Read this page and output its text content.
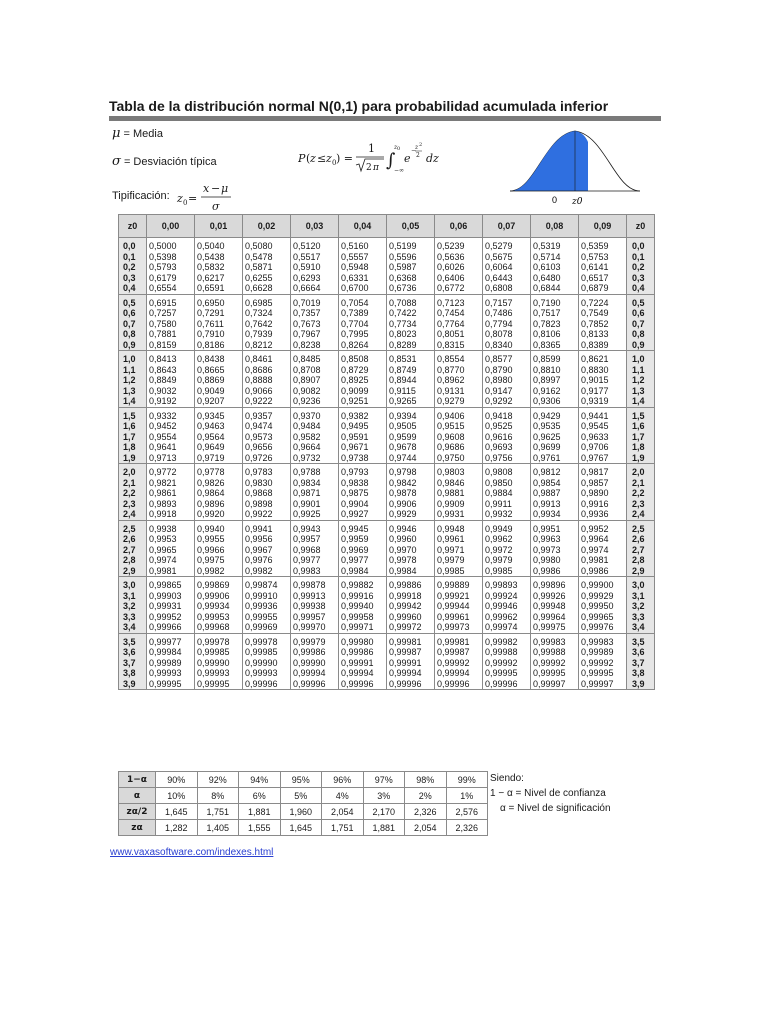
Tabla de la distribución normal N(0,1) para probabilidad acumulada inferior
μ = Media
σ = Desviación típica	P ( z ≤ z 0 ) =
1
2 π ∫
z 0
−∞
e
−
z 2
2 dz
0 z0
Tipificación: z 0 =
x − μ
σ
z0	0,00	0,01	0,02	0,03	0,04	0,05	0,06	0,07	0,08	0,09	z0
0,0	0,5000	0,5040	0,5080	0,5120	0,5160	0,5199	0,5239	0,5279	0,5319	0,5359	0,0
0,1	0,5398	0,5438	0,5478	0,5517	0,5557	0,5596	0,5636	0,5675	0,5714	0,5753	0,1
0,2	0,5793	0,5832	0,5871	0,5910	0,5948	0,5987	0,6026	0,6064	0,6103	0,6141	0,2
0,3	0,6179	0,6217	0,6255	0,6293	0,6331	0,6368	0,6406	0,6443	0,6480	0,6517	0,3
0,4	0,6554	0,6591	0,6628	0,6664	0,6700	0,6736	0,6772	0,6808	0,6844	0,6879	0,4
0,5	0,6915	0,6950	0,6985	0,7019	0,7054	0,7088	0,7123	0,7157	0,7190	0,7224	0,5
0,6	0,7257	0,7291	0,7324	0,7357	0,7389	0,7422	0,7454	0,7486	0,7517	0,7549	0,6
0,7	0,7580	0,7611	0,7642	0,7673	0,7704	0,7734	0,7764	0,7794	0,7823	0,7852	0,7
0,8	0,7881	0,7910	0,7939	0,7967	0,7995	0,8023	0,8051	0,8078	0,8106	0,8133	0,8
0,9	0,8159	0,8186	0,8212	0,8238	0,8264	0,8289	0,8315	0,8340	0,8365	0,8389	0,9
1,0	0,8413	0,8438	0,8461	0,8485	0,8508	0,8531	0,8554	0,8577	0,8599	0,8621	1,0
1,1	0,8643	0,8665	0,8686	0,8708	0,8729	0,8749	0,8770	0,8790	0,8810	0,8830	1,1
1,2	0,8849	0,8869	0,8888	0,8907	0,8925	0,8944	0,8962	0,8980	0,8997	0,9015	1,2
1,3	0,9032	0,9049	0,9066	0,9082	0,9099	0,9115	0,9131	0,9147	0,9162	0,9177	1,3
1,4	0,9192	0,9207	0,9222	0,9236	0,9251	0,9265	0,9279	0,9292	0,9306	0,9319	1,4
1,5	0,9332	0,9345	0,9357	0,9370	0,9382	0,9394	0,9406	0,9418	0,9429	0,9441	1,5
1,6	0,9452	0,9463	0,9474	0,9484	0,9495	0,9505	0,9515	0,9525	0,9535	0,9545	1,6
1,7	0,9554	0,9564	0,9573	0,9582	0,9591	0,9599	0,9608	0,9616	0,9625	0,9633	1,7
1,8	0,9641	0,9649	0,9656	0,9664	0,9671	0,9678	0,9686	0,9693	0,9699	0,9706	1,8
1,9	0,9713	0,9719	0,9726	0,9732	0,9738	0,9744	0,9750	0,9756	0,9761	0,9767	1,9
2,0	0,9772	0,9778	0,9783	0,9788	0,9793	0,9798	0,9803	0,9808	0,9812	0,9817	2,0
2,1	0,9821	0,9826	0,9830	0,9834	0,9838	0,9842	0,9846	0,9850	0,9854	0,9857	2,1
2,2	0,9861	0,9864	0,9868	0,9871	0,9875	0,9878	0,9881	0,9884	0,9887	0,9890	2,2
2,3	0,9893	0,9896	0,9898	0,9901	0,9904	0,9906	0,9909	0,9911	0,9913	0,9916	2,3
2,4	0,9918	0,9920	0,9922	0,9925	0,9927	0,9929	0,9931	0,9932	0,9934	0,9936	2,4
2,5	0,9938	0,9940	0,9941	0,9943	0,9945	0,9946	0,9948	0,9949	0,9951	0,9952	2,5
2,6	0,9953	0,9955	0,9956	0,9957	0,9959	0,9960	0,9961	0,9962	0,9963	0,9964	2,6
2,7	0,9965	0,9966	0,9967	0,9968	0,9969	0,9970	0,9971	0,9972	0,9973	0,9974	2,7
2,8	0,9974	0,9975	0,9976	0,9977	0,9977	0,9978	0,9979	0,9979	0,9980	0,9981	2,8
2,9	0,9981	0,9982	0,9982	0,9983	0,9984	0,9984	0,9985	0,9985	0,9986	0,9986	2,9
3,0	0,99865	0,99869	0,99874	0,99878	0,99882	0,99886	0,99889	0,99893	0,99896	0,99900	3,0
3,1	0,99903	0,99906	0,99910	0,99913	0,99916	0,99918	0,99921	0,99924	0,99926	0,99929	3,1
3,2	0,99931	0,99934	0,99936	0,99938	0,99940	0,99942	0,99944	0,99946	0,99948	0,99950	3,2
3,3	0,99952	0,99953	0,99955	0,99957	0,99958	0,99960	0,99961	0,99962	0,99964	0,99965	3,3
3,4	0,99966	0,99968	0,99969	0,99970	0,99971	0,99972	0,99973	0,99974	0,99975	0,99976	3,4
3,5	0,99977	0,99978	0,99978	0,99979	0,99980	0,99981	0,99981	0,99982	0,99983	0,99983	3,5
3,6	0,99984	0,99985	0,99985	0,99986	0,99986	0,99987	0,99987	0,99988	0,99988	0,99989	3,6
3,7	0,99989	0,99990	0,99990	0,99990	0,99991	0,99991	0,99992	0,99992	0,99992	0,99992	3,7
3,8	0,99993	0,99993	0,99993	0,99994	0,99994	0,99994	0,99994	0,99995	0,99995	0,99995	3,8
3,9	0,99995	0,99995	0,99996	0,99996	0,99996	0,99996	0,99996	0,99996	0,99997	0,99997	3,9
1−α	90%	92%	94%	95%	96%	97%	98%	99%
α	10%	8%	6%	5%	4%	3%	2%	1%
zα/2	1,645	1,751	1,881	1,960	2,054	2,170	2,326	2,576
zα	1,282	1,405	1,555	1,645	1,751	1,881	2,054	2,326
Siendo:
1 − α = Nivel de confianza
α = Nivel de significación
www.vaxasoftware.com/indexes.html
